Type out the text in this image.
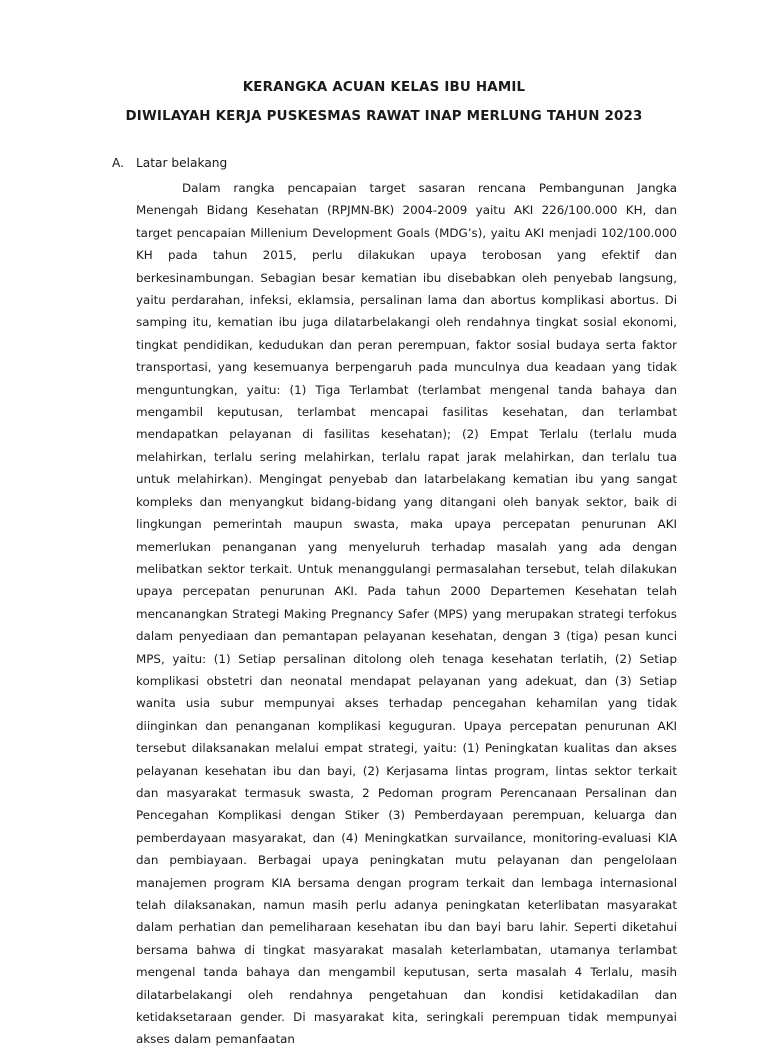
KERANGKA ACUAN KELAS IBU HAMIL
DIWILAYAH KERJA PUSKESMAS RAWAT INAP MERLUNG TAHUN 2023
A. Latar belakang

Dalam rangka pencapaian target sasaran rencana Pembangunan Jangka Menengah Bidang Kesehatan (RPJMN-BK) 2004-2009 yaitu AKI 226/100.000 KH, dan target pencapaian Millenium Development Goals (MDG’s), yaitu AKI menjadi 102/100.000 KH pada tahun 2015, perlu dilakukan upaya terobosan yang efektif dan berkesinambungan. Sebagian besar kematian ibu disebabkan oleh penyebab langsung, yaitu perdarahan, infeksi, eklamsia, persalinan lama dan abortus komplikasi abortus. Di samping itu, kematian ibu juga dilatarbelakangi oleh rendahnya tingkat sosial ekonomi, tingkat pendidikan, kedudukan dan peran perempuan, faktor sosial budaya serta faktor transportasi, yang kesemuanya berpengaruh pada munculnya dua keadaan yang tidak menguntungkan, yaitu: (1) Tiga Terlambat (terlambat mengenal tanda bahaya dan mengambil keputusan, terlambat mencapai fasilitas kesehatan, dan terlambat mendapatkan pelayanan di fasilitas kesehatan); (2) Empat Terlalu (terlalu muda melahirkan, terlalu sering melahirkan, terlalu rapat jarak melahirkan, dan terlalu tua untuk melahirkan). Mengingat penyebab dan latarbelakang kematian ibu yang sangat kompleks dan menyangkut bidang-bidang yang ditangani oleh banyak sektor, baik di lingkungan pemerintah maupun swasta, maka upaya percepatan penurunan AKI memerlukan penanganan yang menyeluruh terhadap masalah yang ada dengan melibatkan sektor terkait. Untuk menanggulangi permasalahan tersebut, telah dilakukan upaya percepatan penurunan AKI. Pada tahun 2000 Departemen Kesehatan telah mencanangkan Strategi Making Pregnancy Safer (MPS) yang merupakan strategi terfokus dalam penyediaan dan pemantapan pelayanan kesehatan, dengan 3 (tiga) pesan kunci MPS, yaitu: (1) Setiap persalinan ditolong oleh tenaga kesehatan terlatih, (2) Setiap komplikasi obstetri dan neonatal mendapat pelayanan yang adekuat, dan (3) Setiap wanita usia subur mempunyai akses terhadap pencegahan kehamilan yang tidak diinginkan dan penanganan komplikasi keguguran. Upaya percepatan penurunan AKI tersebut dilaksanakan melalui empat strategi, yaitu: (1) Peningkatan kualitas dan akses pelayanan kesehatan ibu dan bayi, (2) Kerjasama lintas program, lintas sektor terkait dan masyarakat termasuk swasta, 2 Pedoman program Perencanaan Persalinan dan Pencegahan Komplikasi dengan Stiker (3) Pemberdayaan perempuan, keluarga dan pemberdayaan masyarakat, dan (4) Meningkatkan survailance, monitoring-evaluasi KIA dan pembiayaan. Berbagai upaya peningkatan mutu pelayanan dan pengelolaan manajemen program KIA bersama dengan program terkait dan lembaga internasional telah dilaksanakan, namun masih perlu adanya peningkatan keterlibatan masyarakat dalam perhatian dan pemeliharaan kesehatan ibu dan bayi baru lahir. Seperti diketahui bersama bahwa di tingkat masyarakat masalah keterlambatan, utamanya terlambat mengenal tanda bahaya dan mengambil keputusan, serta masalah 4 Terlalu, masih dilatarbelakangi oleh rendahnya pengetahuan dan kondisi ketidakadilan dan ketidaksetaraan gender. Di masyarakat kita, seringkali perempuan tidak mempunyai akses dalam pemanfaatan
